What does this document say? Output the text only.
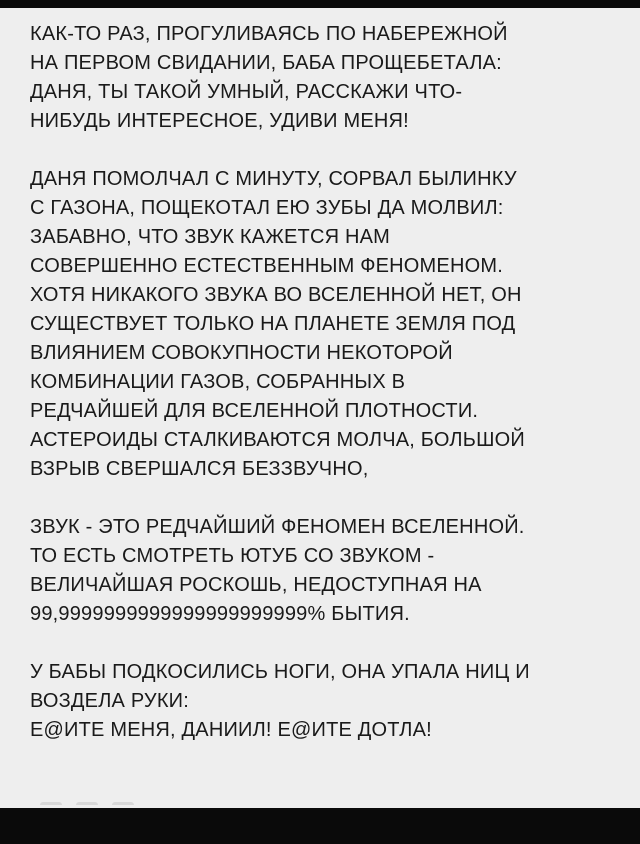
КАК-ТО РАЗ, ПРОГУЛИВАЯСЬ ПО НАБЕРЕЖНОЙ
НА ПЕРВОМ СВИДАНИИ, БАБА ПРОЩЕБЕТАЛА:
ДАНЯ, ТЫ ТАКОЙ УМНЫЙ, РАССКАЖИ ЧТО-
НИБУДЬ ИНТЕРЕСНОЕ, УДИВИ МЕНЯ!

ДАНЯ ПОМОЛЧАЛ С МИНУТУ, СОРВАЛ БЫЛИНКУ
С ГАЗОНА, ПОЩЕКОТАЛ ЕЮ ЗУБЫ ДА МОЛВИЛ:
ЗАБАВНО, ЧТО ЗВУК КАЖЕТСЯ НАМ
СОВЕРШЕННО ЕСТЕСТВЕННЫМ ФЕНОМЕНОМ.
ХОТЯ НИКАКОГО ЗВУКА ВО ВСЕЛЕННОЙ НЕТ, ОН
СУЩЕСТВУЕТ ТОЛЬКО НА ПЛАНЕТЕ ЗЕМЛЯ ПОД
ВЛИЯНИЕМ СОВОКУПНОСТИ НЕКОТОРОЙ
КОМБИНАЦИИ ГАЗОВ, СОБРАННЫХ В
РЕДЧАЙШЕЙ ДЛЯ ВСЕЛЕННОЙ ПЛОТНОСТИ.
АСТЕРОИДЫ СТАЛКИВАЮТСЯ МОЛЧА, БОЛЬШОЙ
ВЗРЫВ СВЕРШАЛСЯ БЕЗЗВУЧНО,

ЗВУК - ЭТО РЕДЧАЙШИЙ ФЕНОМЕН ВСЕЛЕННОЙ.
ТО ЕСТЬ СМОТРЕТЬ ЮТУБ СО ЗВУКОМ -
ВЕЛИЧАЙШАЯ РОСКОШЬ, НЕДОСТУПНАЯ НА
99,9999999999999999999999% БЫТИЯ.

У БАБЫ ПОДКОСИЛИСЬ НОГИ, ОНА УПАЛА НИЦ И
ВОЗДЕЛА РУКИ:
Е@ИТЕ МЕНЯ, ДАНИИЛ! Е@ИТЕ ДОТЛА!
